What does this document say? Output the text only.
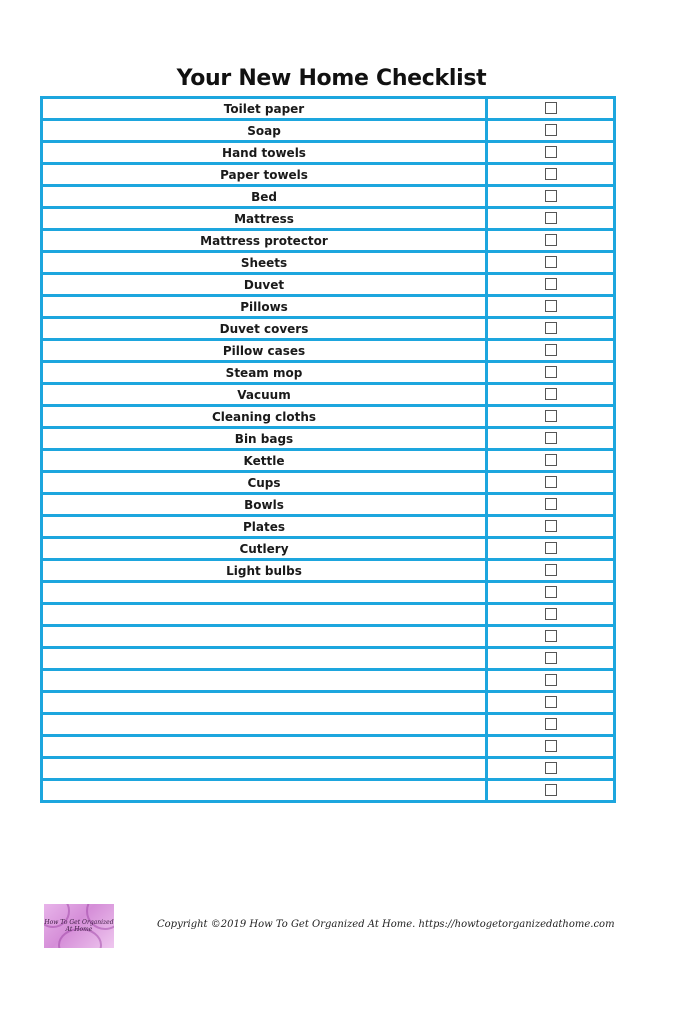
Your New Home Checklist
Toilet paper	
Soap	
Hand towels	
Paper towels	
Bed	
Mattress	
Mattress protector	
Sheets	
Duvet	
Pillows	
Duvet covers	
Pillow cases	
Steam mop	
Vacuum	
Cleaning cloths	
Bin bags	
Kettle	
Cups	
Bowls	
Plates	
Cutlery	
Light bulbs	

How To Get Organized At Home	Copyright ©2019 How To Get Organized At Home. https://howtogetorganizedathome.com
